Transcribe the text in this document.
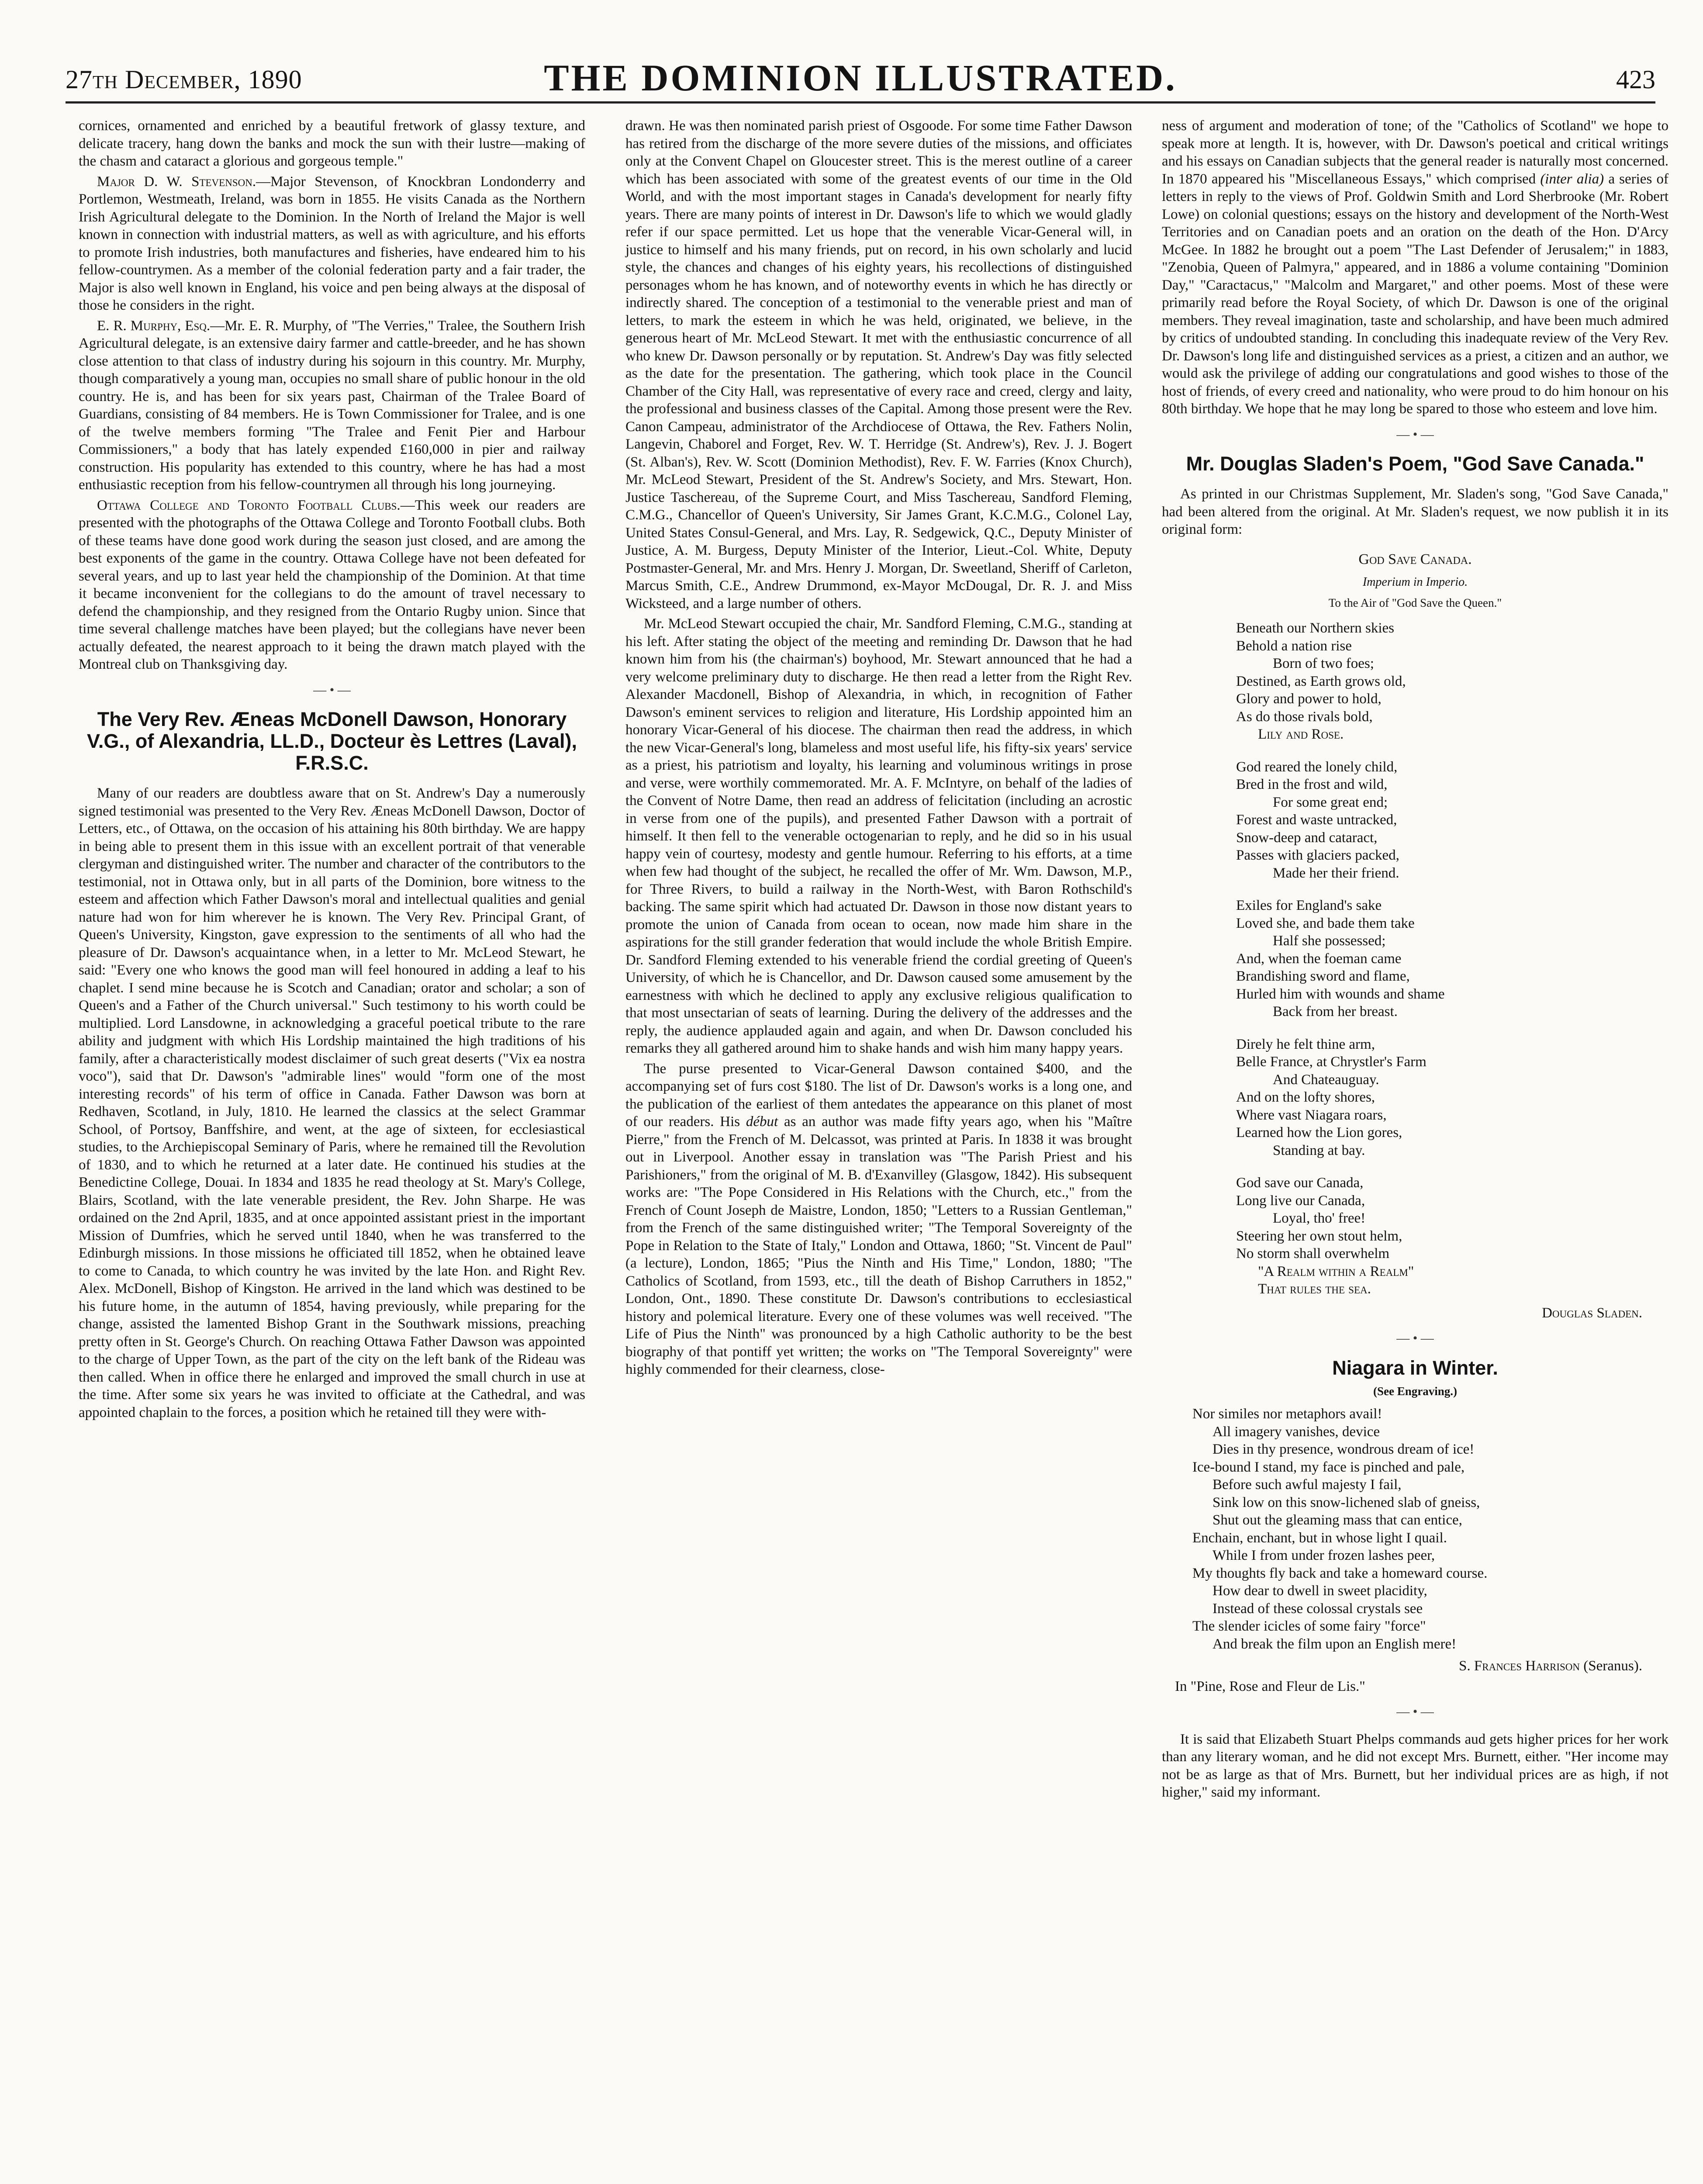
27th December, 1890	THE DOMINION ILLUSTRATED.	423

cornices, ornamented and enriched by a beautiful fretwork of glassy texture, and delicate tracery, hang down the banks and mock the sun with their lustre—making of the chasm and cataract a glorious and gorgeous temple."

Major D. W. Stevenson.—Major Stevenson, of Knockbran Londonderry and Portlemon, Westmeath, Ireland, was born in 1855. He visits Canada as the Northern Irish Agricultural delegate to the Dominion. In the North of Ireland the Major is well known in connection with industrial matters, as well as with agriculture, and his efforts to promote Irish industries, both manufactures and fisheries, have endeared him to his fellow-countrymen. As a member of the colonial federation party and a fair trader, the Major is also well known in England, his voice and pen being always at the disposal of those he considers in the right.

E. R. Murphy, Esq.—Mr. E. R. Murphy, of "The Verries," Tralee, the Southern Irish Agricultural delegate, is an extensive dairy farmer and cattle-breeder, and he has shown close attention to that class of industry during his sojourn in this country. Mr. Murphy, though comparatively a young man, occupies no small share of public honour in the old country. He is, and has been for six years past, Chairman of the Tralee Board of Guardians, consisting of 84 members. He is Town Commissioner for Tralee, and is one of the twelve members forming "The Tralee and Fenit Pier and Harbour Commissioners," a body that has lately expended £160,000 in pier and railway construction. His popularity has extended to this country, where he has had a most enthusiastic reception from his fellow-countrymen all through his long journeying.

Ottawa College and Toronto Football Clubs.—This week our readers are presented with the photographs of the Ottawa College and Toronto Football clubs. Both of these teams have done good work during the season just closed, and are among the best exponents of the game in the country. Ottawa College have not been defeated for several years, and up to last year held the championship of the Dominion. At that time it became inconvenient for the collegians to do the amount of travel necessary to defend the championship, and they resigned from the Ontario Rugby union. Since that time several challenge matches have been played; but the collegians have never been actually defeated, the nearest approach to it being the drawn match played with the Montreal club on Thanksgiving day.

— • —
The Very Rev. Æneas McDonell Dawson, Honorary V.G., of Alexandria, LL.D., Docteur ès Lettres (Laval), F.R.S.C.

Many of our readers are doubtless aware that on St. Andrew's Day a numerously signed testimonial was presented to the Very Rev. Æneas McDonell Dawson, Doctor of Letters, etc., of Ottawa, on the occasion of his attaining his 80th birthday. We are happy in being able to present them in this issue with an excellent portrait of that venerable clergyman and distinguished writer. The number and character of the contributors to the testimonial, not in Ottawa only, but in all parts of the Dominion, bore witness to the esteem and affection which Father Dawson's moral and intellectual qualities and genial nature had won for him wherever he is known. The Very Rev. Principal Grant, of Queen's University, Kingston, gave expression to the sentiments of all who had the pleasure of Dr. Dawson's acquaintance when, in a letter to Mr. McLeod Stewart, he said: "Every one who knows the good man will feel honoured in adding a leaf to his chaplet. I send mine because he is Scotch and Canadian; orator and scholar; a son of Queen's and a Father of the Church universal." Such testimony to his worth could be multiplied. Lord Lansdowne, in acknowledging a graceful poetical tribute to the rare ability and judgment with which His Lordship maintained the high traditions of his family, after a characteristically modest disclaimer of such great deserts ("Vix ea nostra voco"), said that Dr. Dawson's "admirable lines" would "form one of the most interesting records" of his term of office in Canada. Father Dawson was born at Redhaven, Scotland, in July, 1810. He learned the classics at the select Grammar School, of Portsoy, Banffshire, and went, at the age of sixteen, for ecclesiastical studies, to the Archiepiscopal Seminary of Paris, where he remained till the Revolution of 1830, and to which he returned at a later date. He continued his studies at the Benedictine College, Douai. In 1834 and 1835 he read theology at St. Mary's College, Blairs, Scotland, with the late venerable president, the Rev. John Sharpe. He was ordained on the 2nd April, 1835, and at once appointed assistant priest in the important Mission of Dumfries, which he served until 1840, when he was transferred to the Edinburgh missions. In those missions he officiated till 1852, when he obtained leave to come to Canada, to which country he was invited by the late Hon. and Right Rev. Alex. McDonell, Bishop of Kingston. He arrived in the land which was destined to be his future home, in the autumn of 1854, having previously, while preparing for the change, assisted the lamented Bishop Grant in the Southwark missions, preaching pretty often in St. George's Church. On reaching Ottawa Father Dawson was appointed to the charge of Upper Town, as the part of the city on the left bank of the Rideau was then called. When in office there he enlarged and improved the small church in use at the time. After some six years he was invited to officiate at the Cathedral, and was appointed chaplain to the forces, a position which he retained till they were with-

drawn. He was then nominated parish priest of Osgoode. For some time Father Dawson has retired from the discharge of the more severe duties of the missions, and officiates only at the Convent Chapel on Gloucester street. This is the merest outline of a career which has been associated with some of the greatest events of our time in the Old World, and with the most important stages in Canada's development for nearly fifty years. There are many points of interest in Dr. Dawson's life to which we would gladly refer if our space permitted. Let us hope that the venerable Vicar-General will, in justice to himself and his many friends, put on record, in his own scholarly and lucid style, the chances and changes of his eighty years, his recollections of distinguished personages whom he has known, and of noteworthy events in which he has directly or indirectly shared. The conception of a testimonial to the venerable priest and man of letters, to mark the esteem in which he was held, originated, we believe, in the generous heart of Mr. McLeod Stewart. It met with the enthusiastic concurrence of all who knew Dr. Dawson personally or by reputation. St. Andrew's Day was fitly selected as the date for the presentation. The gathering, which took place in the Council Chamber of the City Hall, was representative of every race and creed, clergy and laity, the professional and business classes of the Capital. Among those present were the Rev. Canon Campeau, administrator of the Archdiocese of Ottawa, the Rev. Fathers Nolin, Langevin, Chaborel and Forget, Rev. W. T. Herridge (St. Andrew's), Rev. J. J. Bogert (St. Alban's), Rev. W. Scott (Dominion Methodist), Rev. F. W. Farries (Knox Church), Mr. McLeod Stewart, President of the St. Andrew's Society, and Mrs. Stewart, Hon. Justice Taschereau, of the Supreme Court, and Miss Taschereau, Sandford Fleming, C.M.G., Chancellor of Queen's University, Sir James Grant, K.C.M.G., Colonel Lay, United States Consul-General, and Mrs. Lay, R. Sedgewick, Q.C., Deputy Minister of Justice, A. M. Burgess, Deputy Minister of the Interior, Lieut.-Col. White, Deputy Postmaster-General, Mr. and Mrs. Henry J. Morgan, Dr. Sweetland, Sheriff of Carleton, Marcus Smith, C.E., Andrew Drummond, ex-Mayor McDougal, Dr. R. J. and Miss Wicksteed, and a large number of others.

Mr. McLeod Stewart occupied the chair, Mr. Sandford Fleming, C.M.G., standing at his left. After stating the object of the meeting and reminding Dr. Dawson that he had known him from his (the chairman's) boyhood, Mr. Stewart announced that he had a very welcome preliminary duty to discharge. He then read a letter from the Right Rev. Alexander Macdonell, Bishop of Alexandria, in which, in recognition of Father Dawson's eminent services to religion and literature, His Lordship appointed him an honorary Vicar-General of his diocese. The chairman then read the address, in which the new Vicar-General's long, blameless and most useful life, his fifty-six years' service as a priest, his patriotism and loyalty, his learning and voluminous writings in prose and verse, were worthily commemorated. Mr. A. F. McIntyre, on behalf of the ladies of the Convent of Notre Dame, then read an address of felicitation (including an acrostic in verse from one of the pupils), and presented Father Dawson with a portrait of himself. It then fell to the venerable octogenarian to reply, and he did so in his usual happy vein of courtesy, modesty and gentle humour. Referring to his efforts, at a time when few had thought of the subject, he recalled the offer of Mr. Wm. Dawson, M.P., for Three Rivers, to build a railway in the North-West, with Baron Rothschild's backing. The same spirit which had actuated Dr. Dawson in those now distant years to promote the union of Canada from ocean to ocean, now made him share in the aspirations for the still grander federation that would include the whole British Empire. Dr. Sandford Fleming extended to his venerable friend the cordial greeting of Queen's University, of which he is Chancellor, and Dr. Dawson caused some amusement by the earnestness with which he declined to apply any exclusive religious qualification to that most unsectarian of seats of learning. During the delivery of the addresses and the reply, the audience applauded again and again, and when Dr. Dawson concluded his remarks they all gathered around him to shake hands and wish him many happy years.

The purse presented to Vicar-General Dawson contained $400, and the accompanying set of furs cost $180. The list of Dr. Dawson's works is a long one, and the publication of the earliest of them antedates the appearance on this planet of most of our readers. His début as an author was made fifty years ago, when his "Maître Pierre," from the French of M. Delcassot, was printed at Paris. In 1838 it was brought out in Liverpool. Another essay in translation was "The Parish Priest and his Parishioners," from the original of M. B. d'Exanvilley (Glasgow, 1842). His subsequent works are: "The Pope Considered in His Relations with the Church, etc.," from the French of Count Joseph de Maistre, London, 1850; "Letters to a Russian Gentleman," from the French of the same distinguished writer; "The Temporal Sovereignty of the Pope in Relation to the State of Italy," London and Ottawa, 1860; "St. Vincent de Paul" (a lecture), London, 1865; "Pius the Ninth and His Time," London, 1880; "The Catholics of Scotland, from 1593, etc., till the death of Bishop Carruthers in 1852," London, Ont., 1890. These constitute Dr. Dawson's contributions to ecclesiastical history and polemical literature. Every one of these volumes was well received. "The Life of Pius the Ninth" was pronounced by a high Catholic authority to be the best biography of that pontiff yet written; the works on "The Temporal Sovereignty" were highly commended for their clearness, close-

ness of argument and moderation of tone; of the "Catholics of Scotland" we hope to speak more at length. It is, however, with Dr. Dawson's poetical and critical writings and his essays on Canadian subjects that the general reader is naturally most concerned. In 1870 appeared his "Miscellaneous Essays," which comprised (inter alia) a series of letters in reply to the views of Prof. Goldwin Smith and Lord Sherbrooke (Mr. Robert Lowe) on colonial questions; essays on the history and development of the North-West Territories and on Canadian poets and an oration on the death of the Hon. D'Arcy McGee. In 1882 he brought out a poem "The Last Defender of Jerusalem;" in 1883, "Zenobia, Queen of Palmyra," appeared, and in 1886 a volume containing "Dominion Day," "Caractacus," "Malcolm and Margaret," and other poems. Most of these were primarily read before the Royal Society, of which Dr. Dawson is one of the original members. They reveal imagination, taste and scholarship, and have been much admired by critics of undoubted standing. In concluding this inadequate review of the Very Rev. Dr. Dawson's long life and distinguished services as a priest, a citizen and an author, we would ask the privilege of adding our congratulations and good wishes to those of the host of friends, of every creed and nationality, who were proud to do him honour on his 80th birthday. We hope that he may long be spared to those who esteem and love him.

— • —
Mr. Douglas Sladen's Poem, "God Save Canada."

As printed in our Christmas Supplement, Mr. Sladen's song, "God Save Canada," had been altered from the original. At Mr. Sladen's request, we now publish it in its original form:

God Save Canada.
Imperium in Imperio.
To the Air of "God Save the Queen."
Beneath our Northern skies
Behold a nation rise
Born of two foes;
Destined, as Earth grows old,
Glory and power to hold,
As do those rivals bold,
Lily and Rose.
God reared the lonely child,
Bred in the frost and wild,
For some great end;
Forest and waste untracked,
Snow-deep and cataract,
Passes with glaciers packed,
Made her their friend.
Exiles for England's sake
Loved she, and bade them take
Half she possessed;
And, when the foeman came
Brandishing sword and flame,
Hurled him with wounds and shame
Back from her breast.
Direly he felt thine arm,
Belle France, at Chrystler's Farm
And Chateauguay.
And on the lofty shores,
Where vast Niagara roars,
Learned how the Lion gores,
Standing at bay.
God save our Canada,
Long live our Canada,
Loyal, tho' free!
Steering her own stout helm,
No storm shall overwhelm
"A Realm within a Realm"
That rules the sea.
Douglas Sladen.
— • —
Niagara in Winter.
(See Engraving.)
Nor similes nor metaphors avail!
All imagery vanishes, device
Dies in thy presence, wondrous dream of ice!
Ice-bound I stand, my face is pinched and pale,
Before such awful majesty I fail,
Sink low on this snow-lichened slab of gneiss,
Shut out the gleaming mass that can entice,
Enchain, enchant, but in whose light I quail.
While I from under frozen lashes peer,
My thoughts fly back and take a homeward course.
How dear to dwell in sweet placidity,
Instead of these colossal crystals see
The slender icicles of some fairy "force"
And break the film upon an English mere!
S. Frances Harrison (Seranus).
In "Pine, Rose and Fleur de Lis."
— • —

It is said that Elizabeth Stuart Phelps commands aud gets higher prices for her work than any literary woman, and he did not except Mrs. Burnett, either. "Her income may not be as large as that of Mrs. Burnett, but her individual prices are as high, if not higher," said my informant.
